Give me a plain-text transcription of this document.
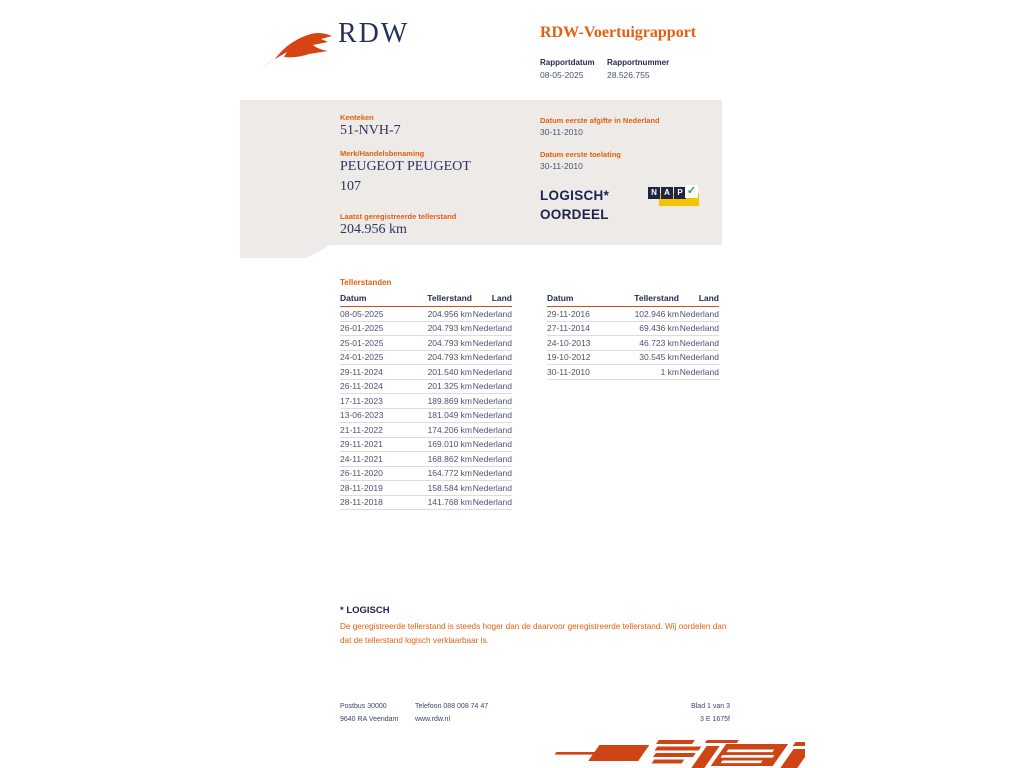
RDW	RDW-Voertuigrapport
Rapportdatum Rapportnummer
08-05-2025	28.526.755
Kenteken
51-NVH-7
Merk/Handelsbenaming
PEUGEOT PEUGEOT 107
Laatst geregistreerde tellerstand
204.956 km
Datum eerste afgifte in Nederland
30-11-2010
Datum eerste toelating
30-11-2010
LOGISCH*
OORDEEL
N A P ✓
Tellerstanden
Datum	Tellerstand	Land
08-05-2025	204.956 km	Nederland
26-01-2025	204.793 km	Nederland
25-01-2025	204.793 km	Nederland
24-01-2025	204.793 km	Nederland
29-11-2024	201.540 km	Nederland
26-11-2024	201.325 km	Nederland
17-11-2023	189.869 km	Nederland
13-06-2023	181.049 km	Nederland
21-11-2022	174.206 km	Nederland
29-11-2021	169.010 km	Nederland
24-11-2021	168.862 km	Nederland
26-11-2020	164.772 km	Nederland
28-11-2019	158.584 km	Nederland
28-11-2018	141.768 km	Nederland
Datum	Tellerstand	Land
29-11-2016	102.946 km	Nederland
27-11-2014	69.436 km	Nederland
24-10-2013	46.723 km	Nederland
19-10-2012	30.545 km	Nederland
30-11-2010	1 km	Nederland
* LOGISCH
De geregistreerde tellerstand is steeds hoger dan de daarvoor geregistreerde tellerstand. Wij oordelen dan
dat de tellerstand logisch verklaarbaar is.
Postbus 30000
9640 RA Veendam
Telefoon 088 008 74 47
www.rdw.nl
Blad 1 van 3
3 E 1675f
